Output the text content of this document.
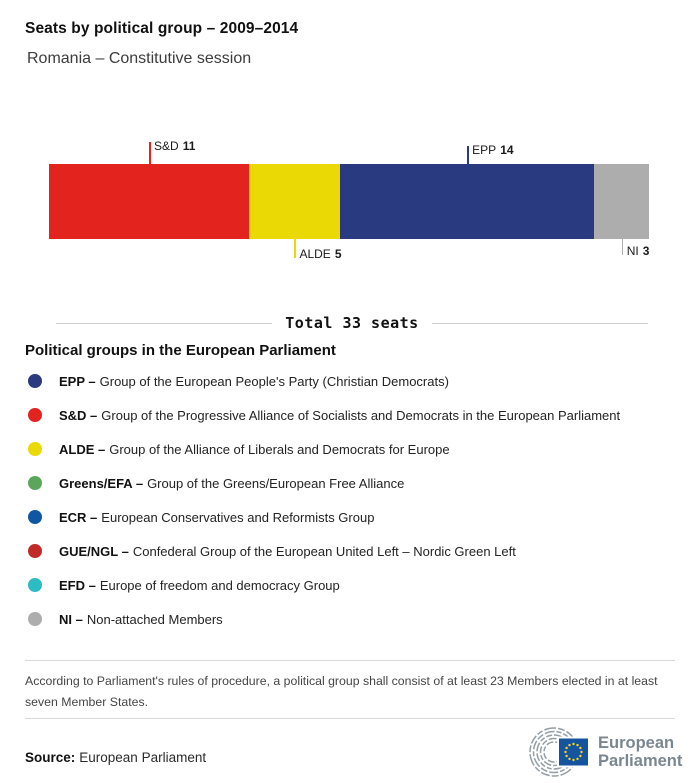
Seats by political group – 2009–2014
Romania – Constitutive session
S&D 11
ALDE 5
EPP 14
NI 3
Total 33 seats
Political groups in the European Parliament
EPP – Group of the European People's Party (Christian Democrats)
S&D – Group of the Progressive Alliance of Socialists and Democrats in the European Parliament
ALDE – Group of the Alliance of Liberals and Democrats for Europe
Greens/EFA – Group of the Greens/European Free Alliance
ECR – European Conservatives and Reformists Group
GUE/NGL – Confederal Group of the European United Left – Nordic Green Left
EFD – Europe of freedom and democracy Group
NI – Non-attached Members
According to Parliament's rules of procedure, a political group shall consist of at least 23 Members elected in at least seven Member States.
Source: European Parliament
European
Parliament
